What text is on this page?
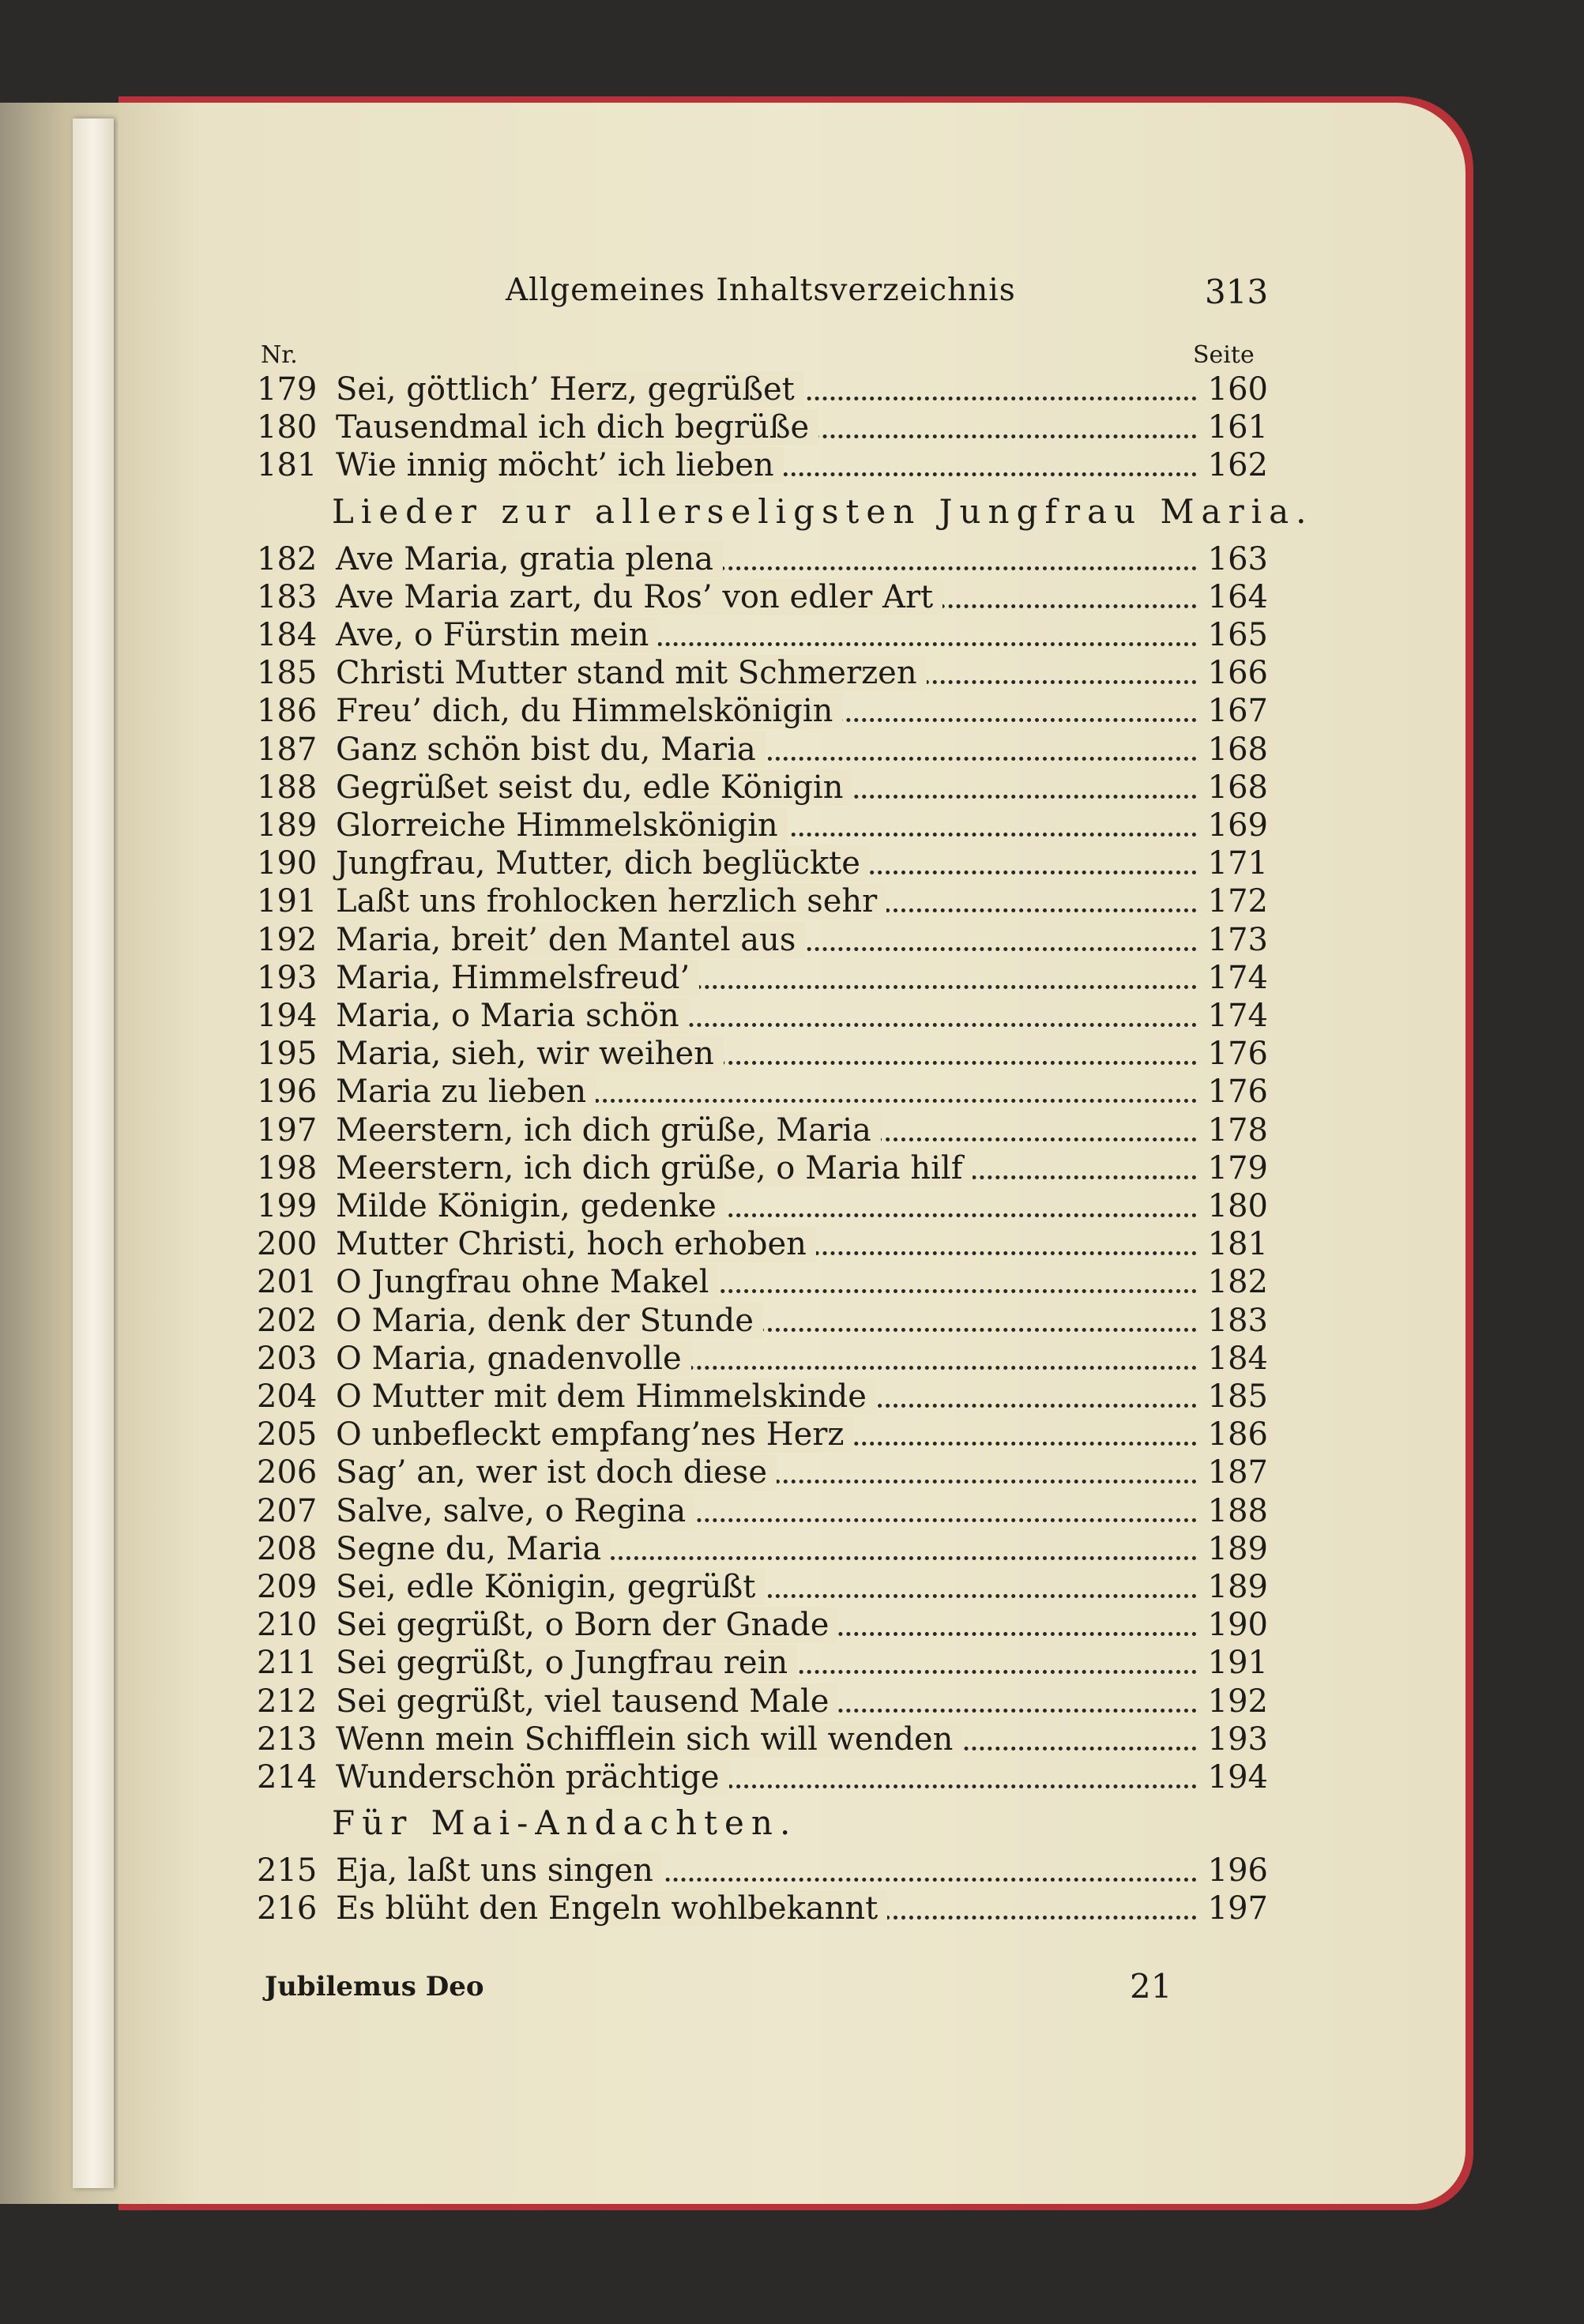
Allgemeines Inhaltsverzeichnis	313
Nr.	Seite
179 Sei, göttlich’ Herz, gegrüßet	160
180 Tausendmal ich dich begrüße	161
181 Wie innig möcht’ ich lieben	162
Lieder zur allerseligsten Jungfrau Maria.
182 Ave Maria, gratia plena	163
183 Ave Maria zart, du Ros’ von edler Art	164
184 Ave, o Fürstin mein	165
185 Christi Mutter stand mit Schmerzen	166
186 Freu’ dich, du Himmelskönigin	167
187 Ganz schön bist du, Maria	168
188 Gegrüßet seist du, edle Königin	168
189 Glorreiche Himmelskönigin	169
190 Jungfrau, Mutter, dich beglückte	171
191 Laßt uns frohlocken herzlich sehr	172
192 Maria, breit’ den Mantel aus	173
193 Maria, Himmelsfreud’	174
194 Maria, o Maria schön	174
195 Maria, sieh, wir weihen	176
196 Maria zu lieben	176
197 Meerstern, ich dich grüße, Maria	178
198 Meerstern, ich dich grüße, o Maria hilf	179
199 Milde Königin, gedenke	180
200 Mutter Christi, hoch erhoben	181
201 O Jungfrau ohne Makel	182
202 O Maria, denk der Stunde	183
203 O Maria, gnadenvolle	184
204 O Mutter mit dem Himmelskinde	185
205 O unbefleckt empfang’nes Herz	186
206 Sag’ an, wer ist doch diese	187
207 Salve, salve, o Regina	188
208 Segne du, Maria	189
209 Sei, edle Königin, gegrüßt	189
210 Sei gegrüßt, o Born der Gnade	190
211 Sei gegrüßt, o Jungfrau rein	191
212 Sei gegrüßt, viel tausend Male	192
213 Wenn mein Schifflein sich will wenden	193
214 Wunderschön prächtige	194
Für Mai-Andachten.
215 Eja, laßt uns singen	196
216 Es blüht den Engeln wohlbekannt	197
Jubilemus Deo	21
